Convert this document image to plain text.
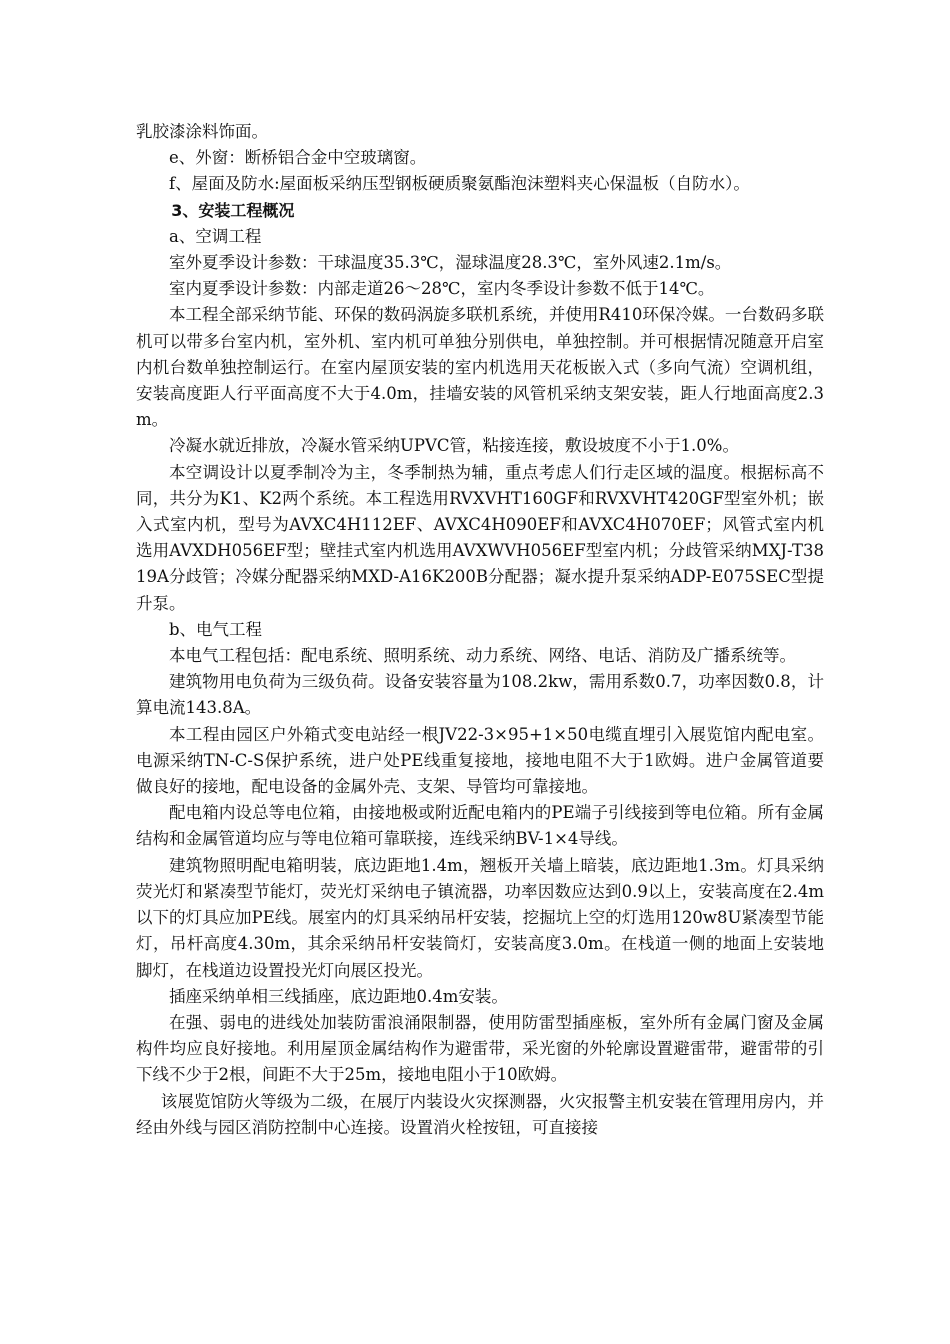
乳胶漆涂料饰面。

e、外窗：断桥铝合金中空玻璃窗。

f、屋面及防水:屋面板采纳压型钢板硬质聚氨酯泡沫塑料夹心保温板（自防水）。

3、安装工程概况

a、空调工程

室外夏季设计参数：干球温度35.3℃，湿球温度28.3℃，室外风速2.1m/s。

室内夏季设计参数：内部走道26～28℃，室内冬季设计参数不低于14℃。

本工程全部采纳节能、环保的数码涡旋多联机系统，并使用R410环保冷媒。一台数码多联机可以带多台室内机，室外机、室内机可单独分别供电，单独控制。并可根据情况随意开启室内机台数单独控制运行。在室内屋顶安装的室内机选用天花板嵌入式（多向气流）空调机组，安装高度距人行平面高度不大于4.0m，挂墙安装的风管机采纳支架安装，距人行地面高度2.3m。

冷凝水就近排放，冷凝水管采纳UPVC管，粘接连接，敷设坡度不小于1.0%。

本空调设计以夏季制冷为主，冬季制热为辅，重点考虑人们行走区域的温度。根据标高不同，共分为K1、K2两个系统。本工程选用RVXVHT160GF和RVXVHT420GF型室外机；嵌入式室内机，型号为AVXC4H112EF、AVXC4H090EF和AVXC4H070EF；风管式室内机选用AVXDH056EF型；壁挂式室内机选用AVXWVH056EF型室内机；分歧管采纳MXJ-T3819A分歧管；冷媒分配器采纳MXD-A16K200B分配器；凝水提升泵采纳ADP-E075SEC型提升泵。

b、电气工程

本电气工程包括：配电系统、照明系统、动力系统、网络、电话、消防及广播系统等。

建筑物用电负荷为三级负荷。设备安装容量为108.2kw，需用系数0.7，功率因数0.8，计算电流143.8A。

本工程由园区户外箱式变电站经一根JV22-3×95+1×50电缆直埋引入展览馆内配电室。电源采纳TN-C-S保护系统，进户处PE线重复接地，接地电阻不大于1欧姆。进户金属管道要做良好的接地，配电设备的金属外壳、支架、导管均可靠接地。

配电箱内设总等电位箱，由接地极或附近配电箱内的PE端子引线接到等电位箱。所有金属结构和金属管道均应与等电位箱可靠联接，连线采纳BV-1×4导线。

建筑物照明配电箱明装，底边距地1.4m，翘板开关墙上暗装，底边距地1.3m。灯具采纳荧光灯和紧凑型节能灯，荧光灯采纳电子镇流器，功率因数应达到0.9以上，安装高度在2.4m以下的灯具应加PE线。展室内的灯具采纳吊杆安装，挖掘坑上空的灯选用120w8U紧凑型节能灯，吊杆高度4.30m，其余采纳吊杆安装筒灯，安装高度3.0m。在栈道一侧的地面上安装地脚灯，在栈道边设置投光灯向展区投光。

插座采纳单相三线插座，底边距地0.4m安装。

在强、弱电的进线处加装防雷浪涌限制器，使用防雷型插座板，室外所有金属门窗及金属构件均应良好接地。利用屋顶金属结构作为避雷带，采光窗的外轮廓设置避雷带，避雷带的引下线不少于2根，间距不大于25m，接地电阻小于10欧姆。

该展览馆防火等级为二级，在展厅内装设火灾探测器，火灾报警主机安装在管理用房内，并经由外线与园区消防控制中心连接。设置消火栓按钮，可直接接
